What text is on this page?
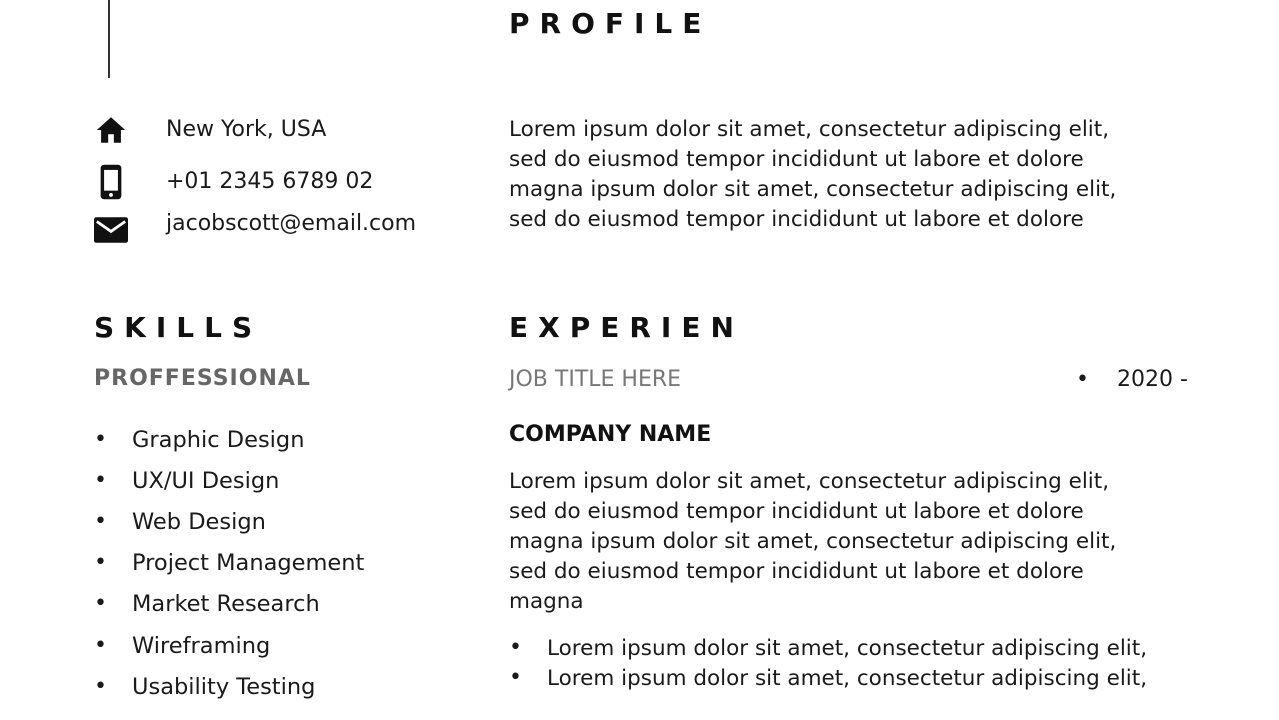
PROFILE
Lorem ipsum dolor sit amet, consectetur adipiscing elit,
sed do eiusmod tempor incididunt ut labore et dolore
magna ipsum dolor sit amet, consectetur adipiscing elit,
sed do eiusmod tempor incididunt ut labore et dolore
New York, USA
+01 2345 6789 02
jacobscott@email.com
SKILLS
PROFFESSIONAL
•	Graphic Design
•	UX/UI Design
•	Web Design
•	Project Management
•	Market Research
•	Wireframing
•	Usability Testing
EXPERIEN
JOB TITLE HERE	• 2020 -
COMPANY NAME
Lorem ipsum dolor sit amet, consectetur adipiscing elit,
sed do eiusmod tempor incididunt ut labore et dolore
magna ipsum dolor sit amet, consectetur adipiscing elit,
sed do eiusmod tempor incididunt ut labore et dolore
magna
•	Lorem ipsum dolor sit amet, consectetur adipiscing elit,
•	Lorem ipsum dolor sit amet, consectetur adipiscing elit,
